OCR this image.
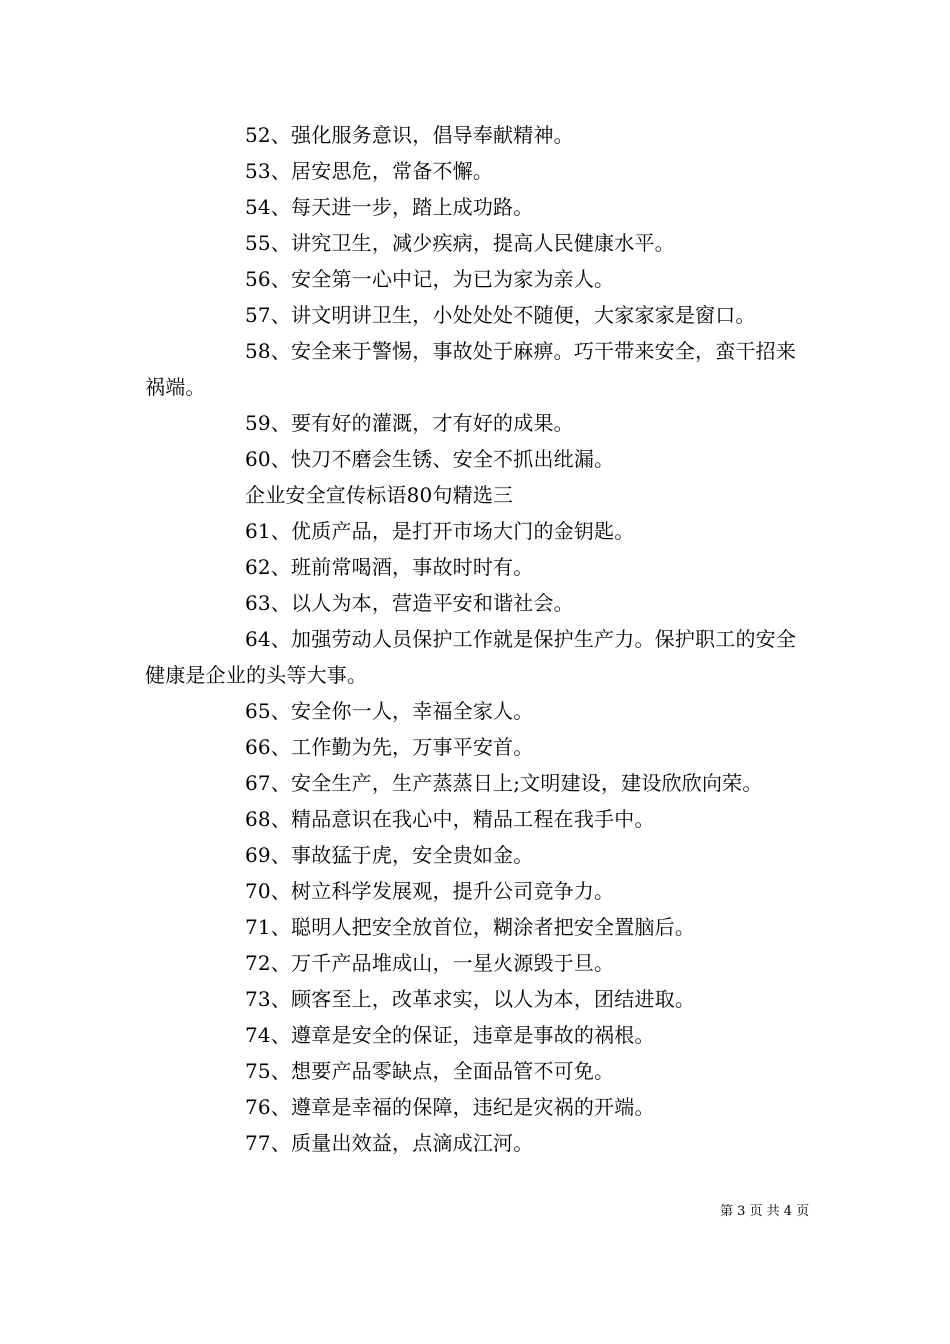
52、强化服务意识，倡导奉献精神。

53、居安思危，常备不懈。

54、每天进一步，踏上成功路。

55、讲究卫生，减少疾病，提高人民健康水平。

56、安全第一心中记，为已为家为亲人。

57、讲文明讲卫生，小处处处不随便，大家家家是窗口。

58、安全来于警惕，事故处于麻痹。巧干带来安全，蛮干招来祸端。

59、要有好的灌溉，才有好的成果。

60、快刀不磨会生锈、安全不抓出纰漏。

企业安全宣传标语80句精选三

61、优质产品，是打开市场大门的金钥匙。

62、班前常喝酒，事故时时有。

63、以人为本，营造平安和谐社会。

64、加强劳动人员保护工作就是保护生产力。保护职工的安全健康是企业的头等大事。

65、安全你一人，幸福全家人。

66、工作勤为先，万事平安首。

67、安全生产，生产蒸蒸日上;文明建设，建设欣欣向荣。

68、精品意识在我心中，精品工程在我手中。

69、事故猛于虎，安全贵如金。

70、树立科学发展观，提升公司竞争力。

71、聪明人把安全放首位，糊涂者把安全置脑后。

72、万千产品堆成山，一星火源毁于旦。

73、顾客至上，改革求实，以人为本，团结进取。

74、遵章是安全的保证，违章是事故的祸根。

75、想要产品零缺点，全面品管不可免。

76、遵章是幸福的保障，违纪是灾祸的开端。

77、质量出效益，点滴成江河。

第 3 页 共 4 页
